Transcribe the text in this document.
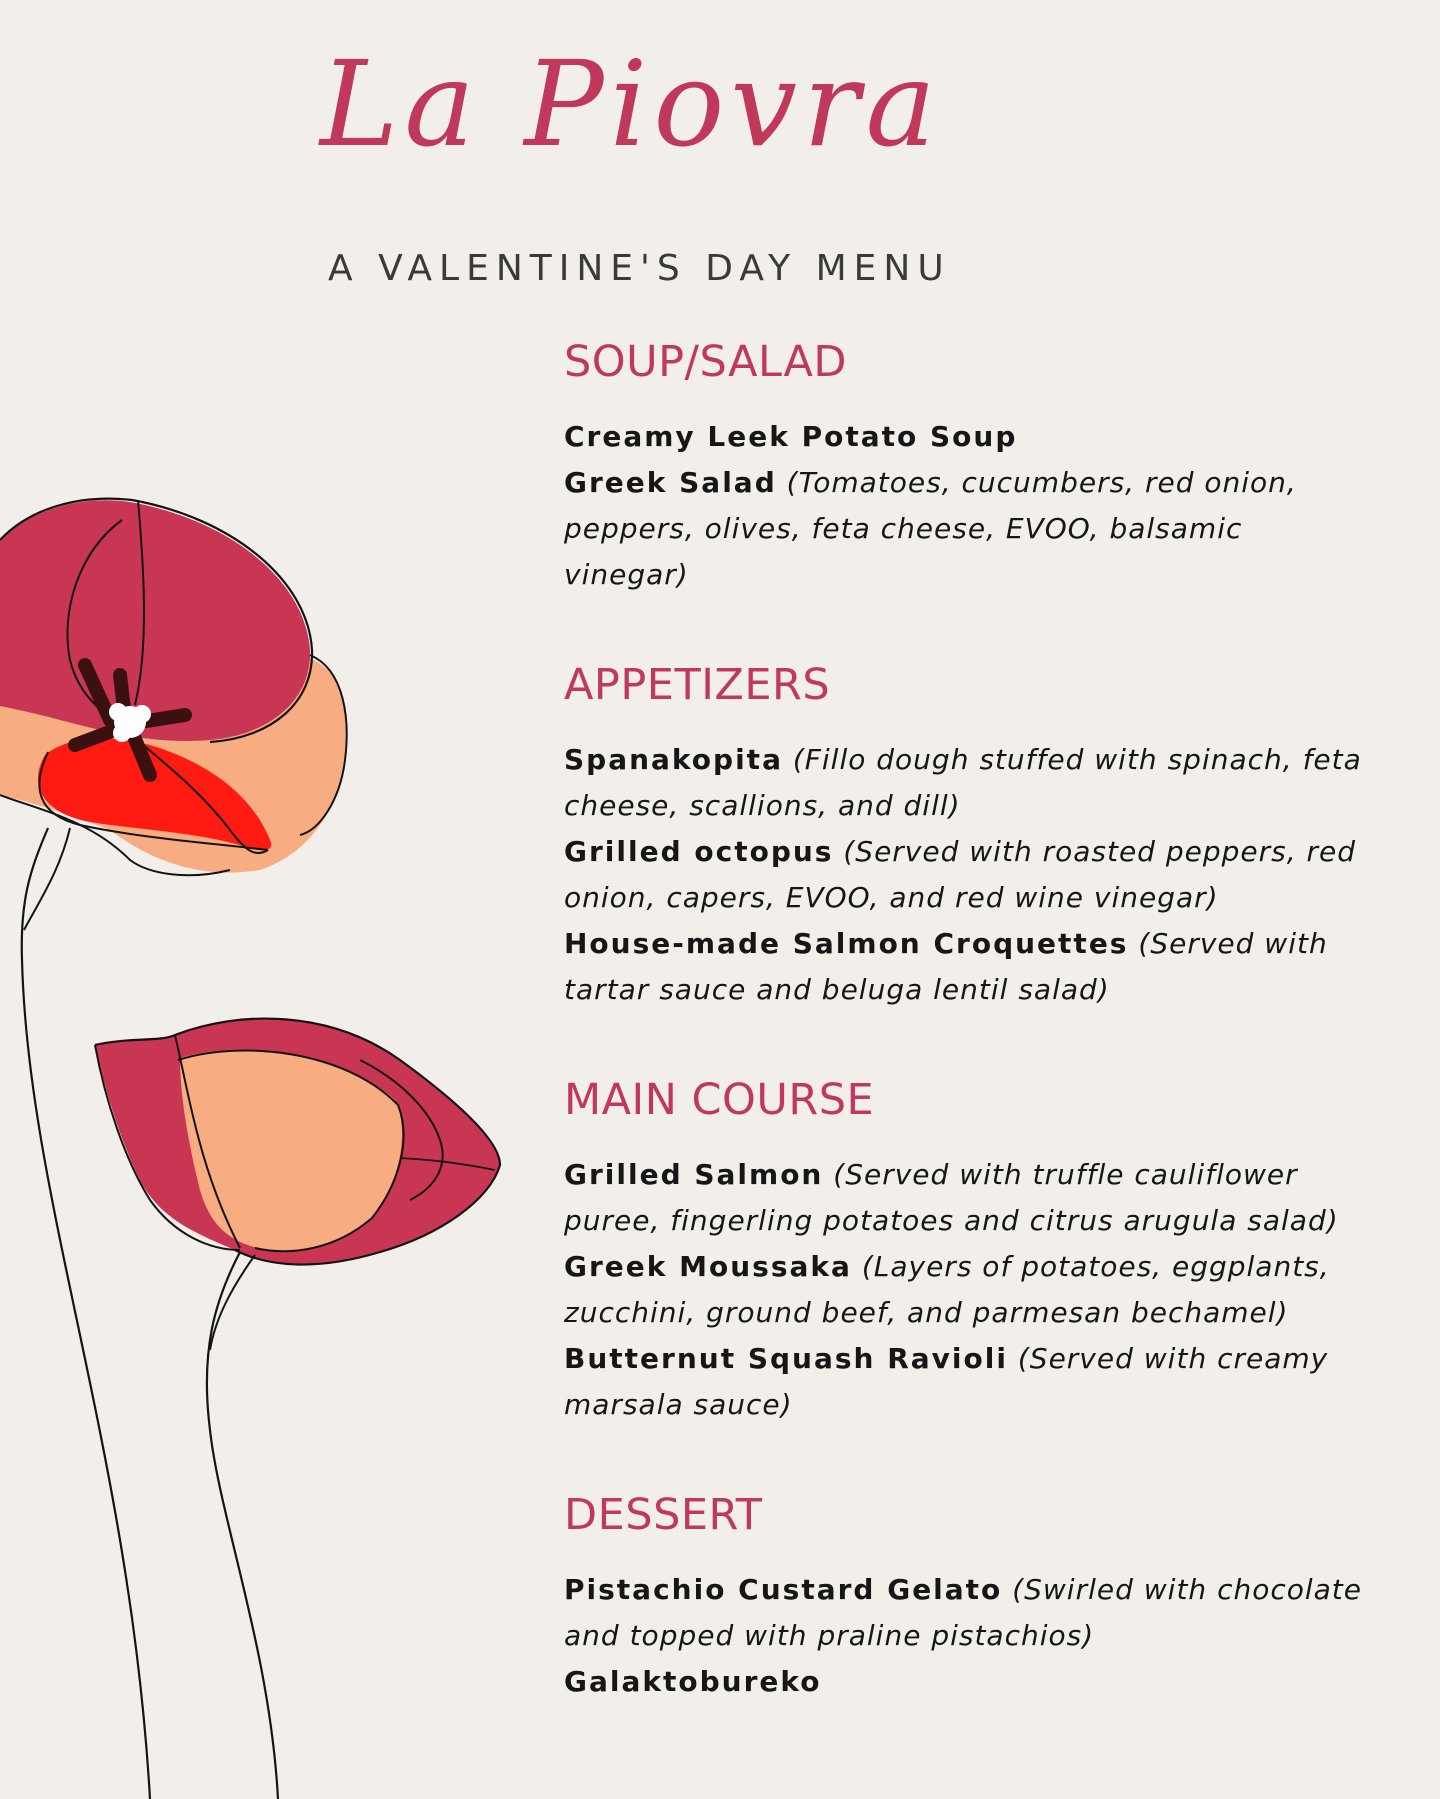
La Piovra
A VALENTINE'S DAY MENU
SOUP/SALAD

Creamy Leek Potato Soup

Greek Salad (Tomatoes, cucumbers, red onion, peppers, olives, feta cheese, EVOO, balsamic vinegar)

APPETIZERS

Spanakopita (Fillo dough stuffed with spinach, feta cheese, scallions, and dill)

Grilled octopus (Served with roasted peppers, red onion, capers, EVOO, and red wine vinegar)

House-made Salmon Croquettes (Served with tartar sauce and beluga lentil salad)

MAIN COURSE

Grilled Salmon (Served with truffle cauliflower puree, fingerling potatoes and citrus arugula salad)

Greek Moussaka (Layers of potatoes, eggplants, zucchini, ground beef, and parmesan bechamel)

Butternut Squash Ravioli (Served with creamy marsala sauce)

DESSERT

Pistachio Custard Gelato (Swirled with chocolate and topped with praline pistachios)

Galaktobureko
